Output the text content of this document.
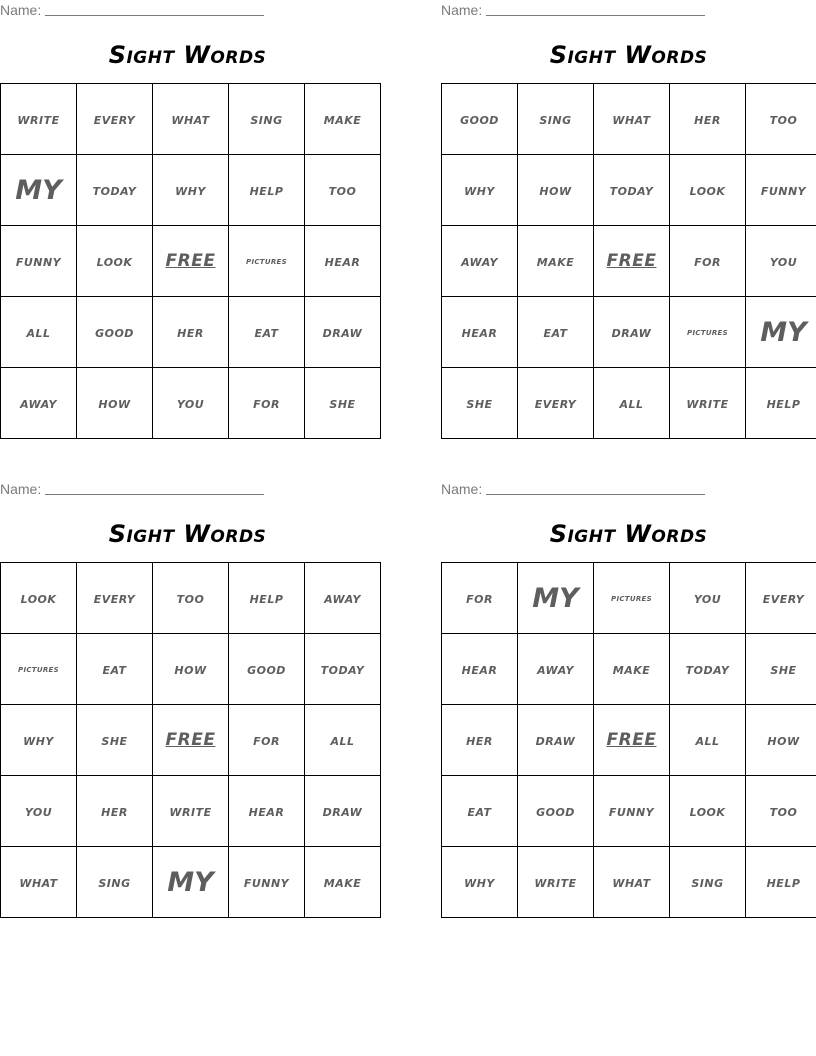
Name:
Sight Words
write	every	what	sing	make
MY	today	why	help	too
funny	look	FREE	pictures	hear
all	good	her	eat	draw
away	how	you	for	she
Name:
Sight Words
good	sing	what	her	too
why	how	today	look	funny
away	make	FREE	for	you
hear	eat	draw	pictures	MY
she	every	all	write	help
Name:
Sight Words
look	every	too	help	away
pictures	eat	how	good	today
why	she	FREE	for	all
you	her	write	hear	draw
what	sing	MY	funny	make
Name:
Sight Words
for	MY	pictures	you	every
hear	away	make	today	she
her	draw	FREE	all	how
eat	good	funny	look	too
why	write	what	sing	help
